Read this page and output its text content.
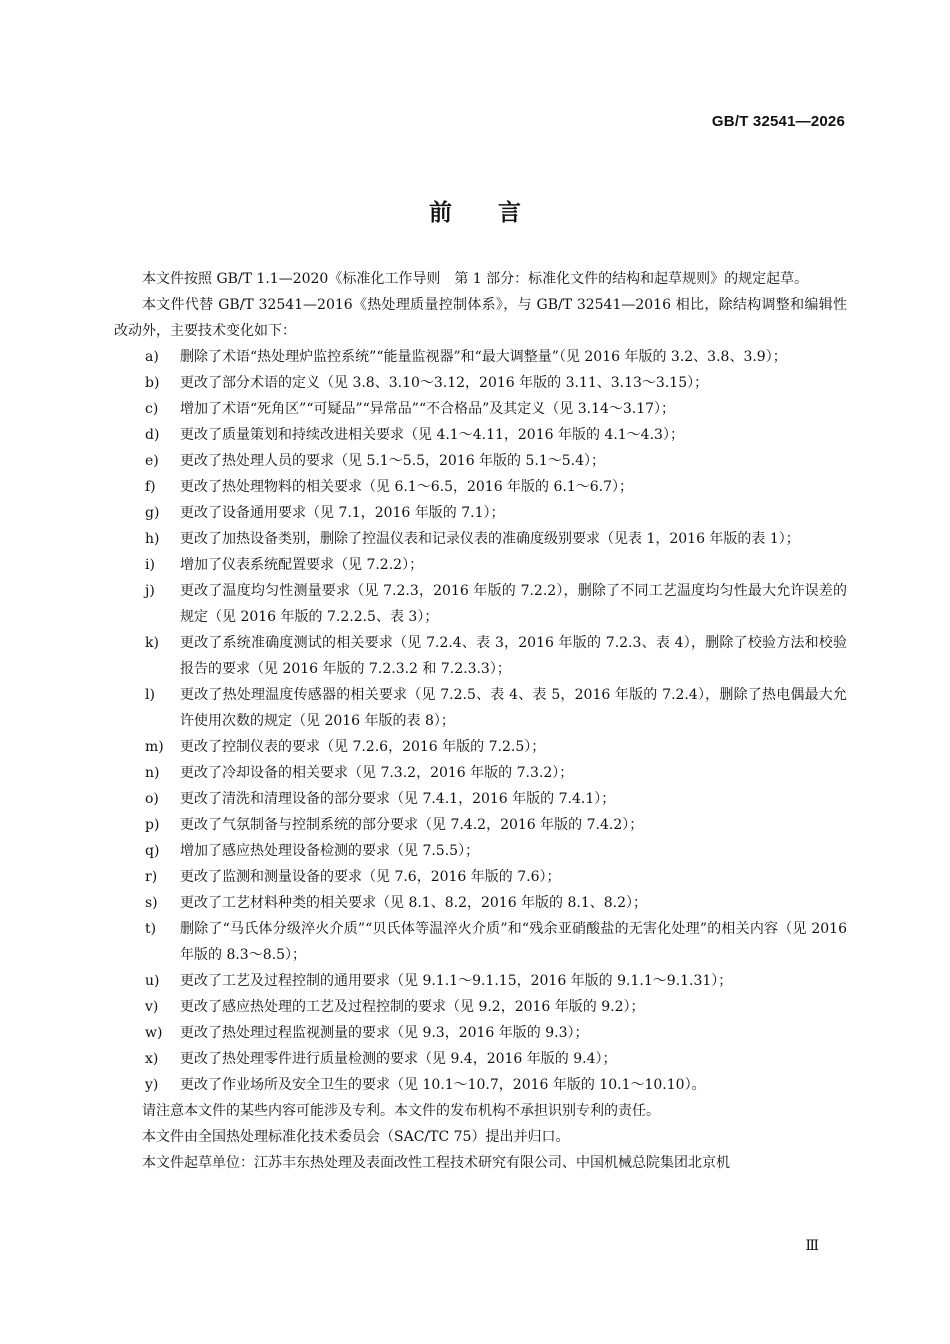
GB/T 32541—2026
前言

本文件按照 GB/T 1.1—2020《标准化工作导则　第 1 部分：标准化文件的结构和起草规则》的规定起草。

本文件代替 GB/T 32541—2016《热处理质量控制体系》，与 GB/T 32541—2016 相比，除结构调整和编辑性改动外，主要技术变化如下：

a) 删除了术语“热处理炉监控系统”“能量监视器”和“最大调整量”（见 2016 年版的 3.2、3.8、3.9）；
b) 更改了部分术语的定义（见 3.8、3.10～3.12，2016 年版的 3.11、3.13～3.15）；
c) 增加了术语“死角区”“可疑品”“异常品”“不合格品”及其定义（见 3.14～3.17）；
d) 更改了质量策划和持续改进相关要求（见 4.1～4.11，2016 年版的 4.1～4.3）；
e) 更改了热处理人员的要求（见 5.1～5.5，2016 年版的 5.1～5.4）；
f) 更改了热处理物料的相关要求（见 6.1～6.5，2016 年版的 6.1～6.7）；
g) 更改了设备通用要求（见 7.1，2016 年版的 7.1）；
h) 更改了加热设备类别，删除了控温仪表和记录仪表的准确度级别要求（见表 1，2016 年版的表 1）；
i) 增加了仪表系统配置要求（见 7.2.2）；
j) 更改了温度均匀性测量要求（见 7.2.3，2016 年版的 7.2.2），删除了不同工艺温度均匀性最大允许误差的规定（见 2016 年版的 7.2.2.5、表 3）；
k) 更改了系统准确度测试的相关要求（见 7.2.4、表 3，2016 年版的 7.2.3、表 4），删除了校验方法和校验报告的要求（见 2016 年版的 7.2.3.2 和 7.2.3.3）；
l) 更改了热处理温度传感器的相关要求（见 7.2.5、表 4、表 5，2016 年版的 7.2.4），删除了热电偶最大允许使用次数的规定（见 2016 年版的表 8）；
m) 更改了控制仪表的要求（见 7.2.6，2016 年版的 7.2.5）；
n) 更改了冷却设备的相关要求（见 7.3.2，2016 年版的 7.3.2）；
o) 更改了清洗和清理设备的部分要求（见 7.4.1，2016 年版的 7.4.1）；
p) 更改了气氛制备与控制系统的部分要求（见 7.4.2，2016 年版的 7.4.2）；
q) 增加了感应热处理设备检测的要求（见 7.5.5）；
r) 更改了监测和测量设备的要求（见 7.6，2016 年版的 7.6）；
s) 更改了工艺材料种类的相关要求（见 8.1、8.2，2016 年版的 8.1、8.2）；
t) 删除了“马氏体分级淬火介质”“贝氏体等温淬火介质”和“残余亚硝酸盐的无害化处理”的相关内容（见 2016 年版的 8.3～8.5）；
u) 更改了工艺及过程控制的通用要求（见 9.1.1～9.1.15，2016 年版的 9.1.1～9.1.31）；
v) 更改了感应热处理的工艺及过程控制的要求（见 9.2，2016 年版的 9.2）；
w) 更改了热处理过程监视测量的要求（见 9.3，2016 年版的 9.3）；
x) 更改了热处理零件进行质量检测的要求（见 9.4，2016 年版的 9.4）；
y) 更改了作业场所及安全卫生的要求（见 10.1～10.7，2016 年版的 10.1～10.10）。

请注意本文件的某些内容可能涉及专利。本文件的发布机构不承担识别专利的责任。

本文件由全国热处理标准化技术委员会（SAC/TC 75）提出并归口。

本文件起草单位：江苏丰东热处理及表面改性工程技术研究有限公司、中国机械总院集团北京机

Ⅲ
